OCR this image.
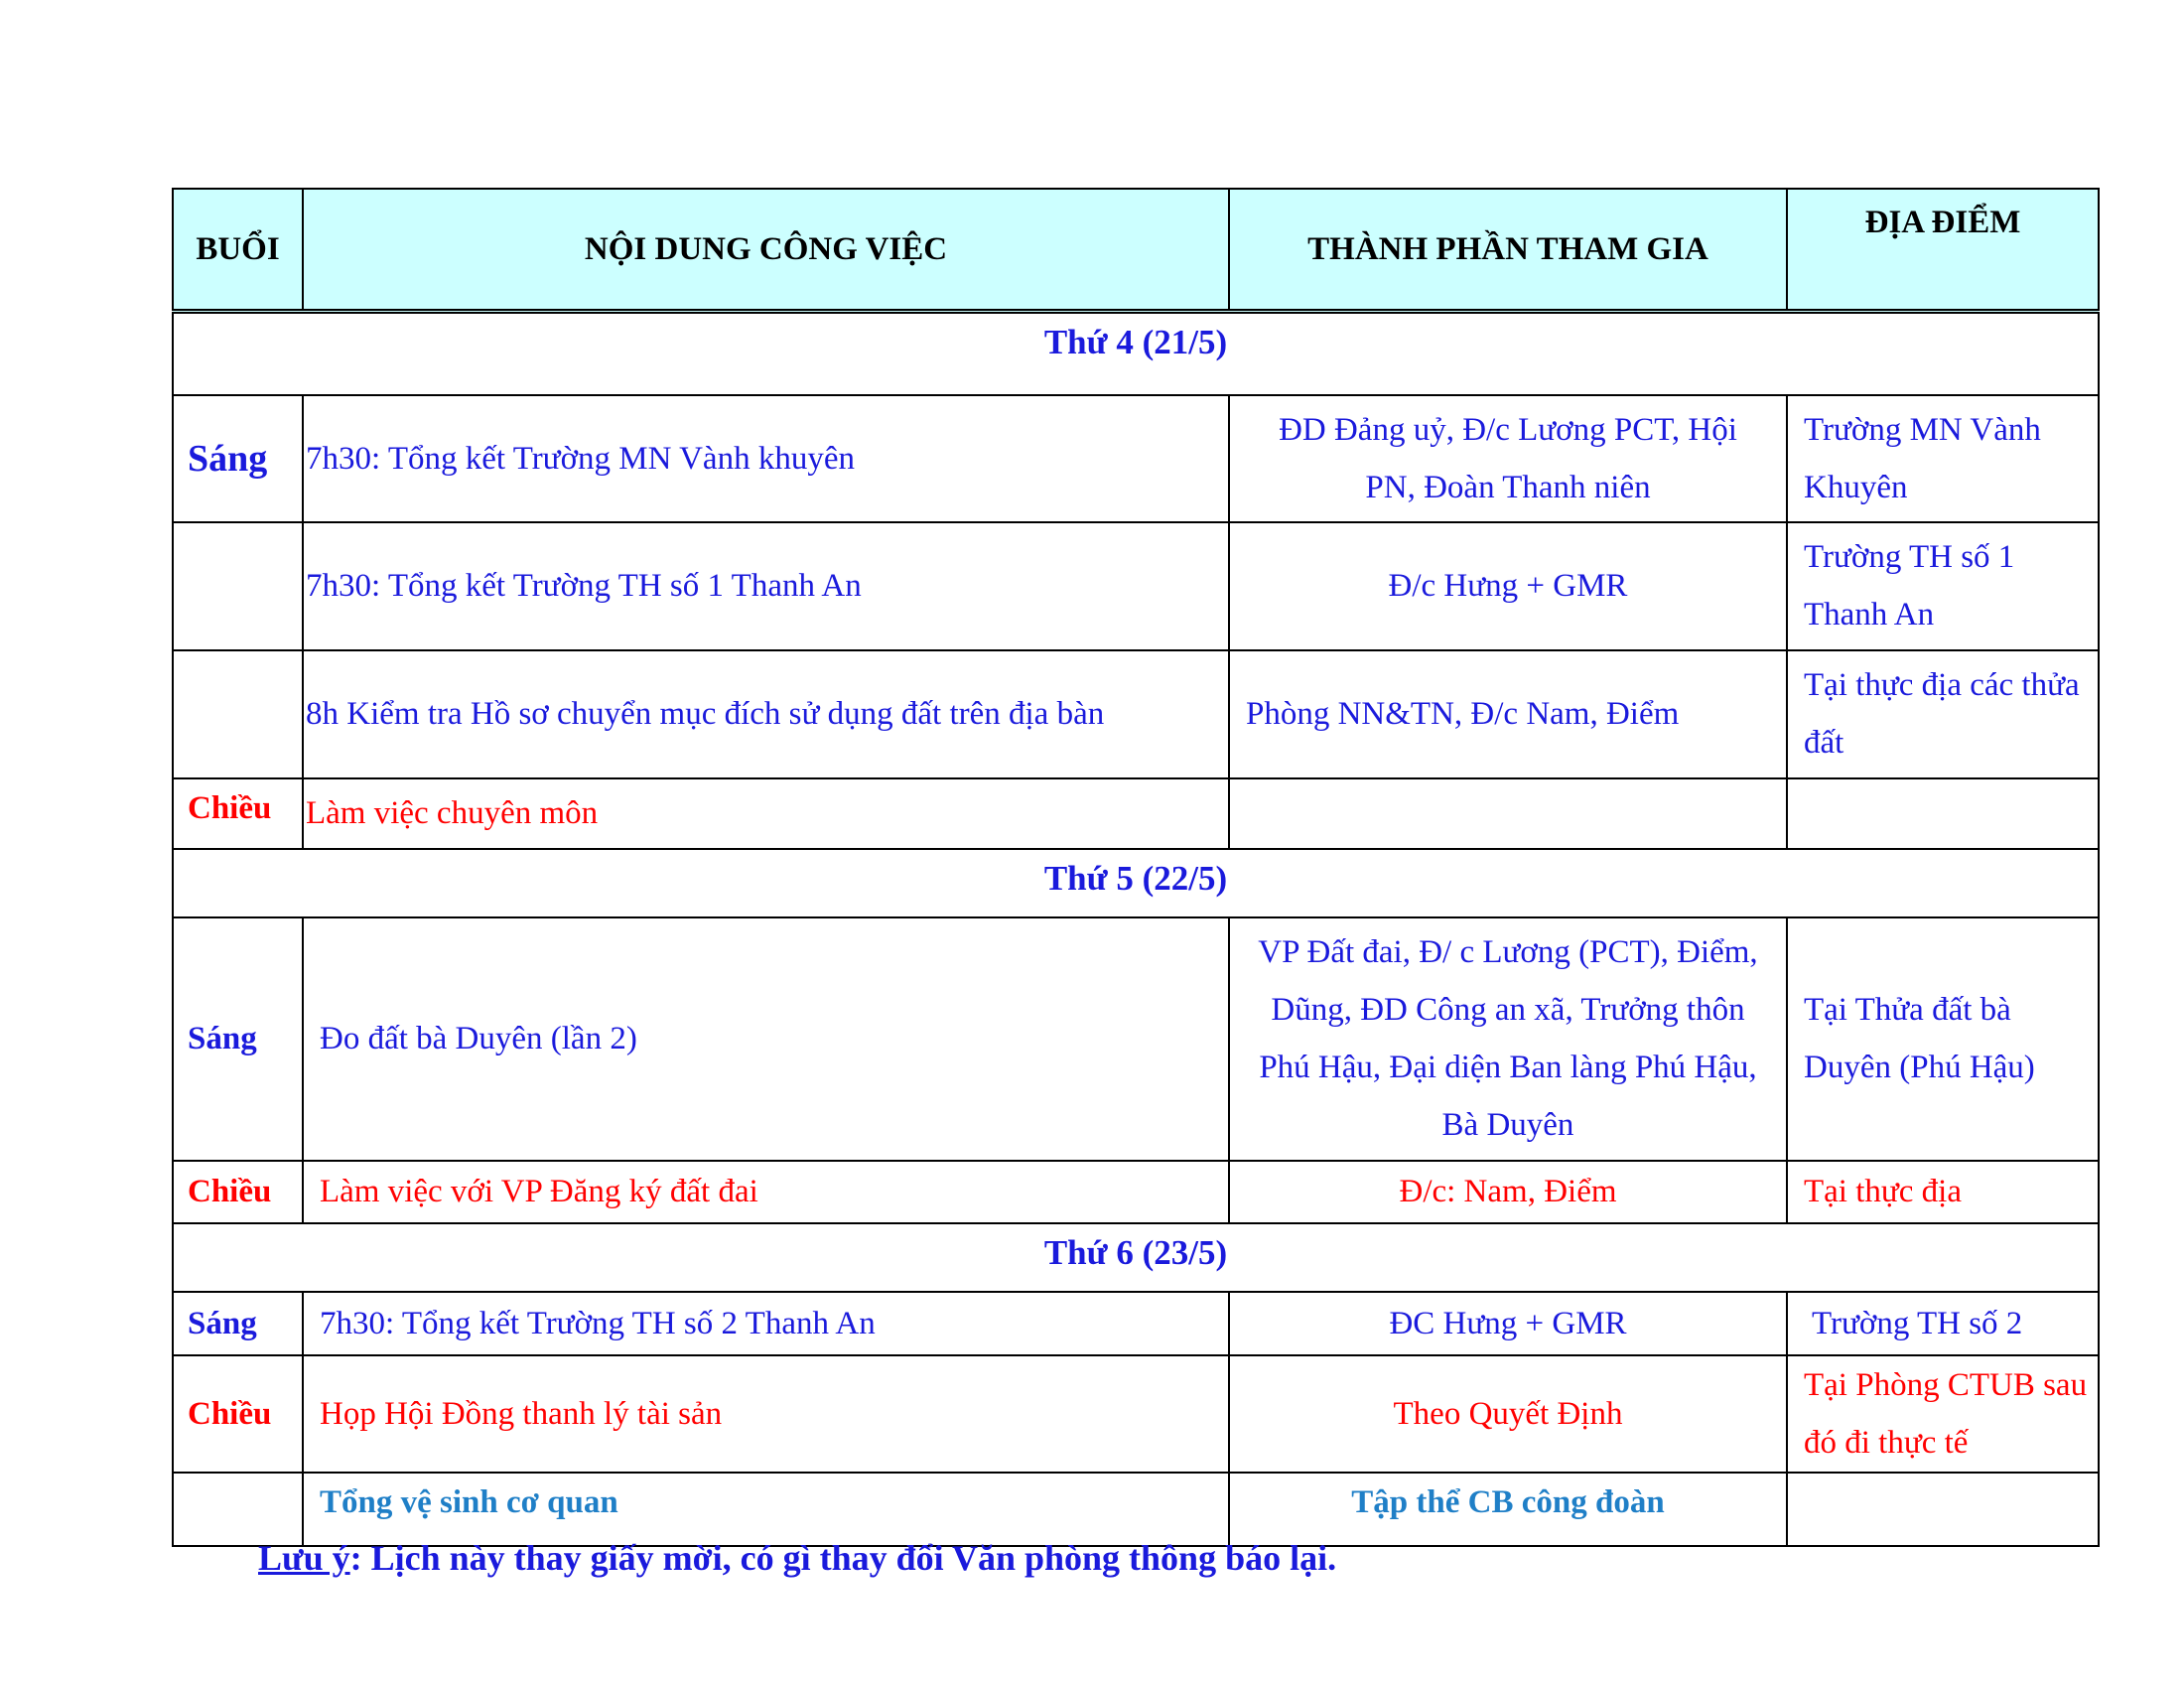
BUỔI	NỘI DUNG CÔNG VIỆC	THÀNH PHẦN THAM GIA	ĐỊA ĐIỂM
Thứ 4 (21/5)			
Sáng	7h30: Tổng kết Trường MN Vành khuyên	ĐD Đảng uỷ, Đ/c Lương PCT, Hội PN, Đoàn Thanh niên	Trường MN Vành Khuyên
	7h30: Tổng kết Trường TH số 1 Thanh An	Đ/c Hưng + GMR	Trường TH số 1 Thanh An
	8h Kiểm tra Hồ sơ chuyển mục đích sử dụng đất trên địa bàn	Phòng NN&TN, Đ/c Nam, Điểm	Tại thực địa các thửa đất
Chiều	Làm việc chuyên môn		
Thứ 5 (22/5)			
Sáng	Đo đất bà Duyên (lần 2)	VP Đất đai, Đ/ c Lương (PCT), Điểm, Dũng, ĐD Công an xã, Trưởng thôn Phú Hậu, Đại diện Ban làng Phú Hậu, Bà Duyên	Tại Thửa đất bà Duyên (Phú Hậu)
Chiều	Làm việc với VP Đăng ký đất đai	Đ/c: Nam, Điểm	Tại thực địa
Thứ 6 (23/5)			
Sáng	7h30: Tổng kết Trường TH số 2 Thanh An	ĐC Hưng + GMR	Trường TH số 2
Chiều	Họp Hội Đồng thanh lý tài sản	Theo Quyết Định	Tại Phòng CTUB sau đó đi thực tế
	Tổng vệ sinh cơ quan	Tập thể CB công đoàn	
Lưu ý: Lịch này thay giấy mời, có gì thay đổi Văn phòng thông báo lại.
